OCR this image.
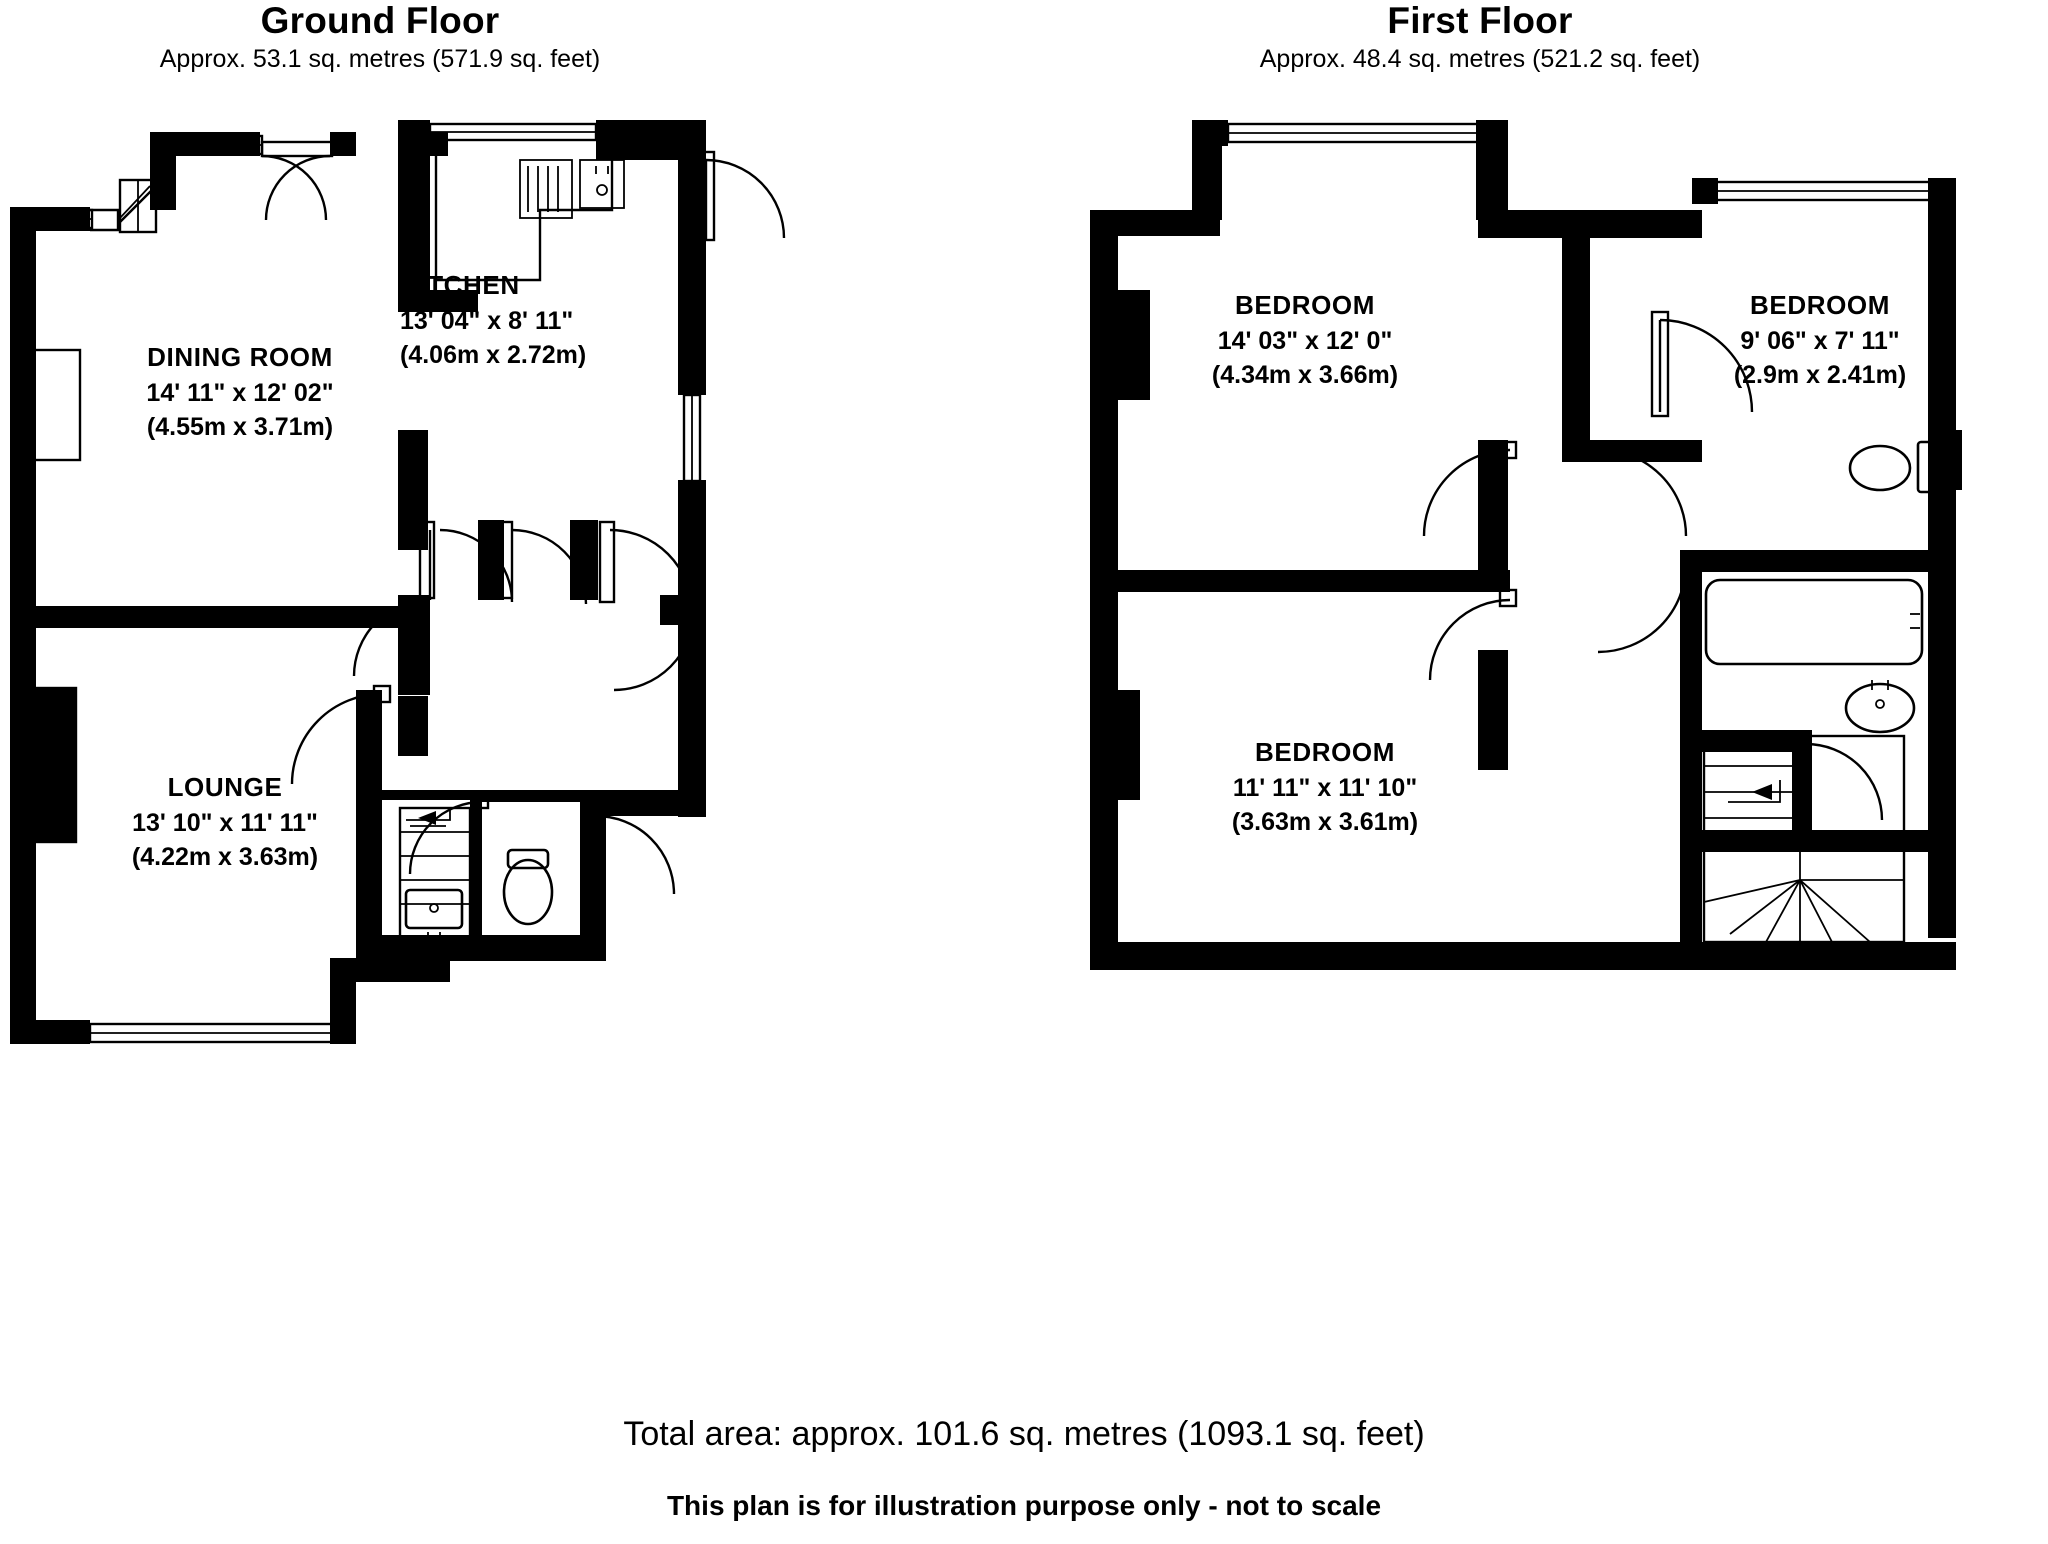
Ground Floor
Approx. 53.1 sq. metres (571.9 sq. feet)
First Floor
Approx. 48.4 sq. metres (521.2 sq. feet)
DINING ROOM
14' 11" x 12' 02"
(4.55m x 3.71m)
KITCHEN
13' 04" x 8' 11"
(4.06m x 2.72m)
LOUNGE
13' 10" x 11' 11"
(4.22m x 3.63m)
BEDROOM
14' 03" x 12' 0"
(4.34m x 3.66m)
BEDROOM
9' 06" x 7' 11"
(2.9m x 2.41m)
BEDROOM
11' 11" x 11' 10"
(3.63m x 3.61m)
Total area: approx. 101.6 sq. metres (1093.1 sq. feet)
This plan is for illustration purpose only - not to scale
